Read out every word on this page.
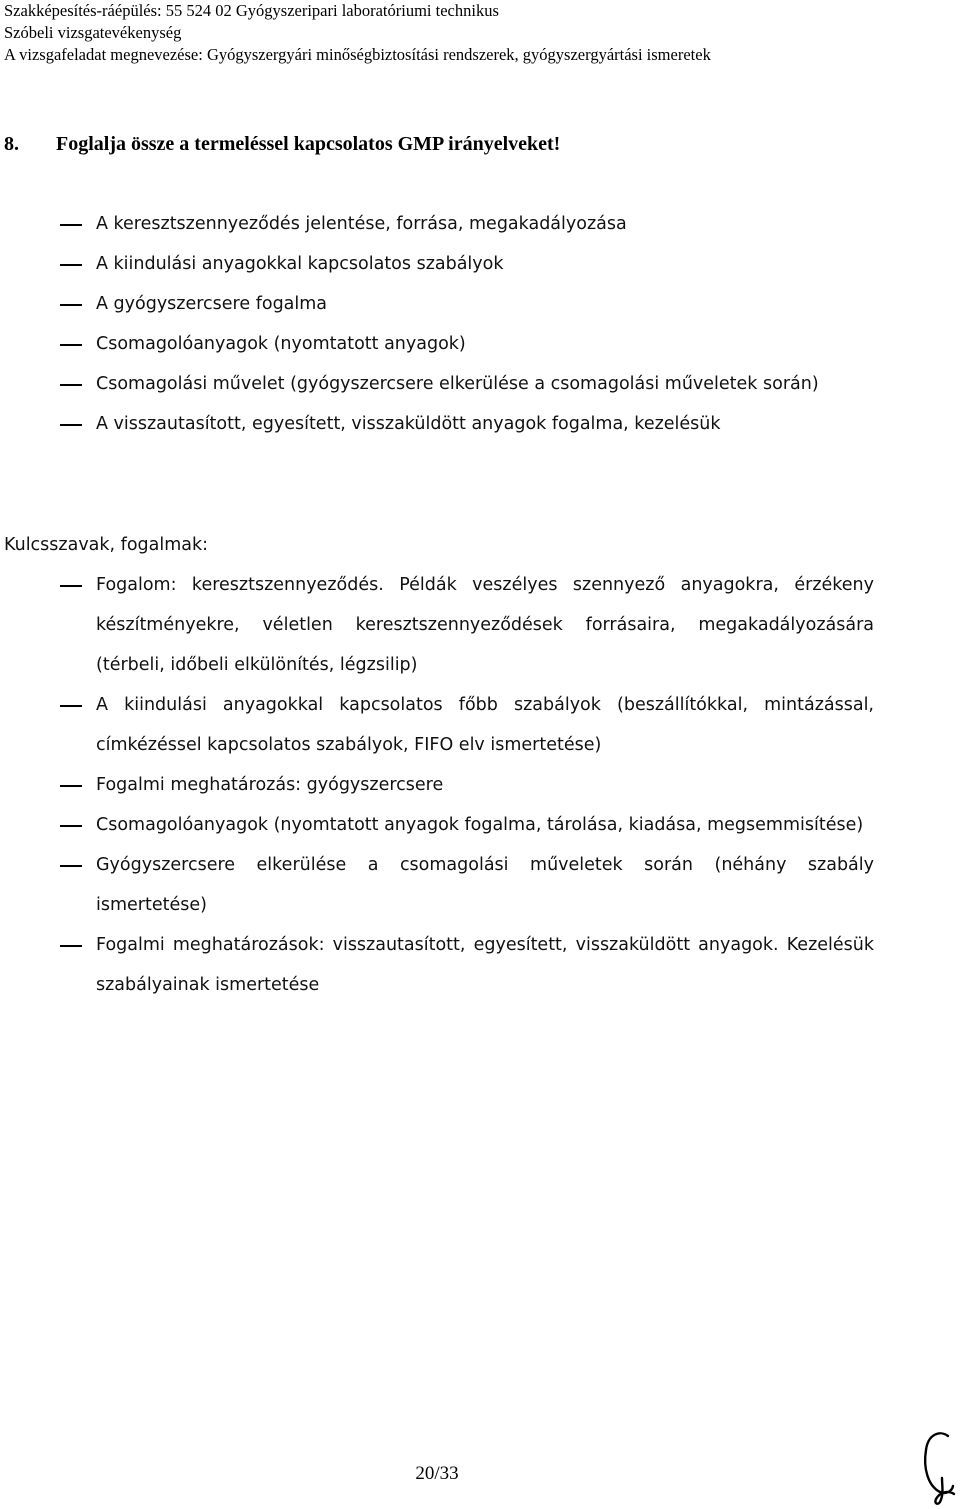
Szakképesítés-ráépülés: 55 524 02 Gyógyszeripari laboratóriumi technikus
Szóbeli vizsgatevékenység
A vizsgafeladat megnevezése: Gyógyszergyári minőségbiztosítási rendszerek, gyógyszergyártási ismeretek
8. Foglalja össze a termeléssel kapcsolatos GMP irányelveket!
A keresztszennyeződés jelentése, forrása, megakadályozása
A kiindulási anyagokkal kapcsolatos szabályok
A gyógyszercsere fogalma
Csomagolóanyagok (nyomtatott anyagok)
Csomagolási művelet (gyógyszercsere elkerülése a csomagolási műveletek során)
A visszautasított, egyesített, visszaküldött anyagok fogalma, kezelésük
Kulcsszavak, fogalmak:
Fogalom: keresztszennyeződés. Példák veszélyes szennyező anyagokra, érzékeny készítményekre, véletlen keresztszennyeződések forrásaira, megakadályozására (térbeli, időbeli elkülönítés, légzsilip)
A kiindulási anyagokkal kapcsolatos főbb szabályok (beszállítókkal, mintázással, címkézéssel kapcsolatos szabályok, FIFO elv ismertetése)
Fogalmi meghatározás: gyógyszercsere
Csomagolóanyagok (nyomtatott anyagok fogalma, tárolása, kiadása, megsemmisítése)
Gyógyszercsere elkerülése a csomagolási műveletek során (néhány szabály ismertetése)
Fogalmi meghatározások: visszautasított, egyesített, visszaküldött anyagok. Kezelésük szabályainak ismertetése
20/33
